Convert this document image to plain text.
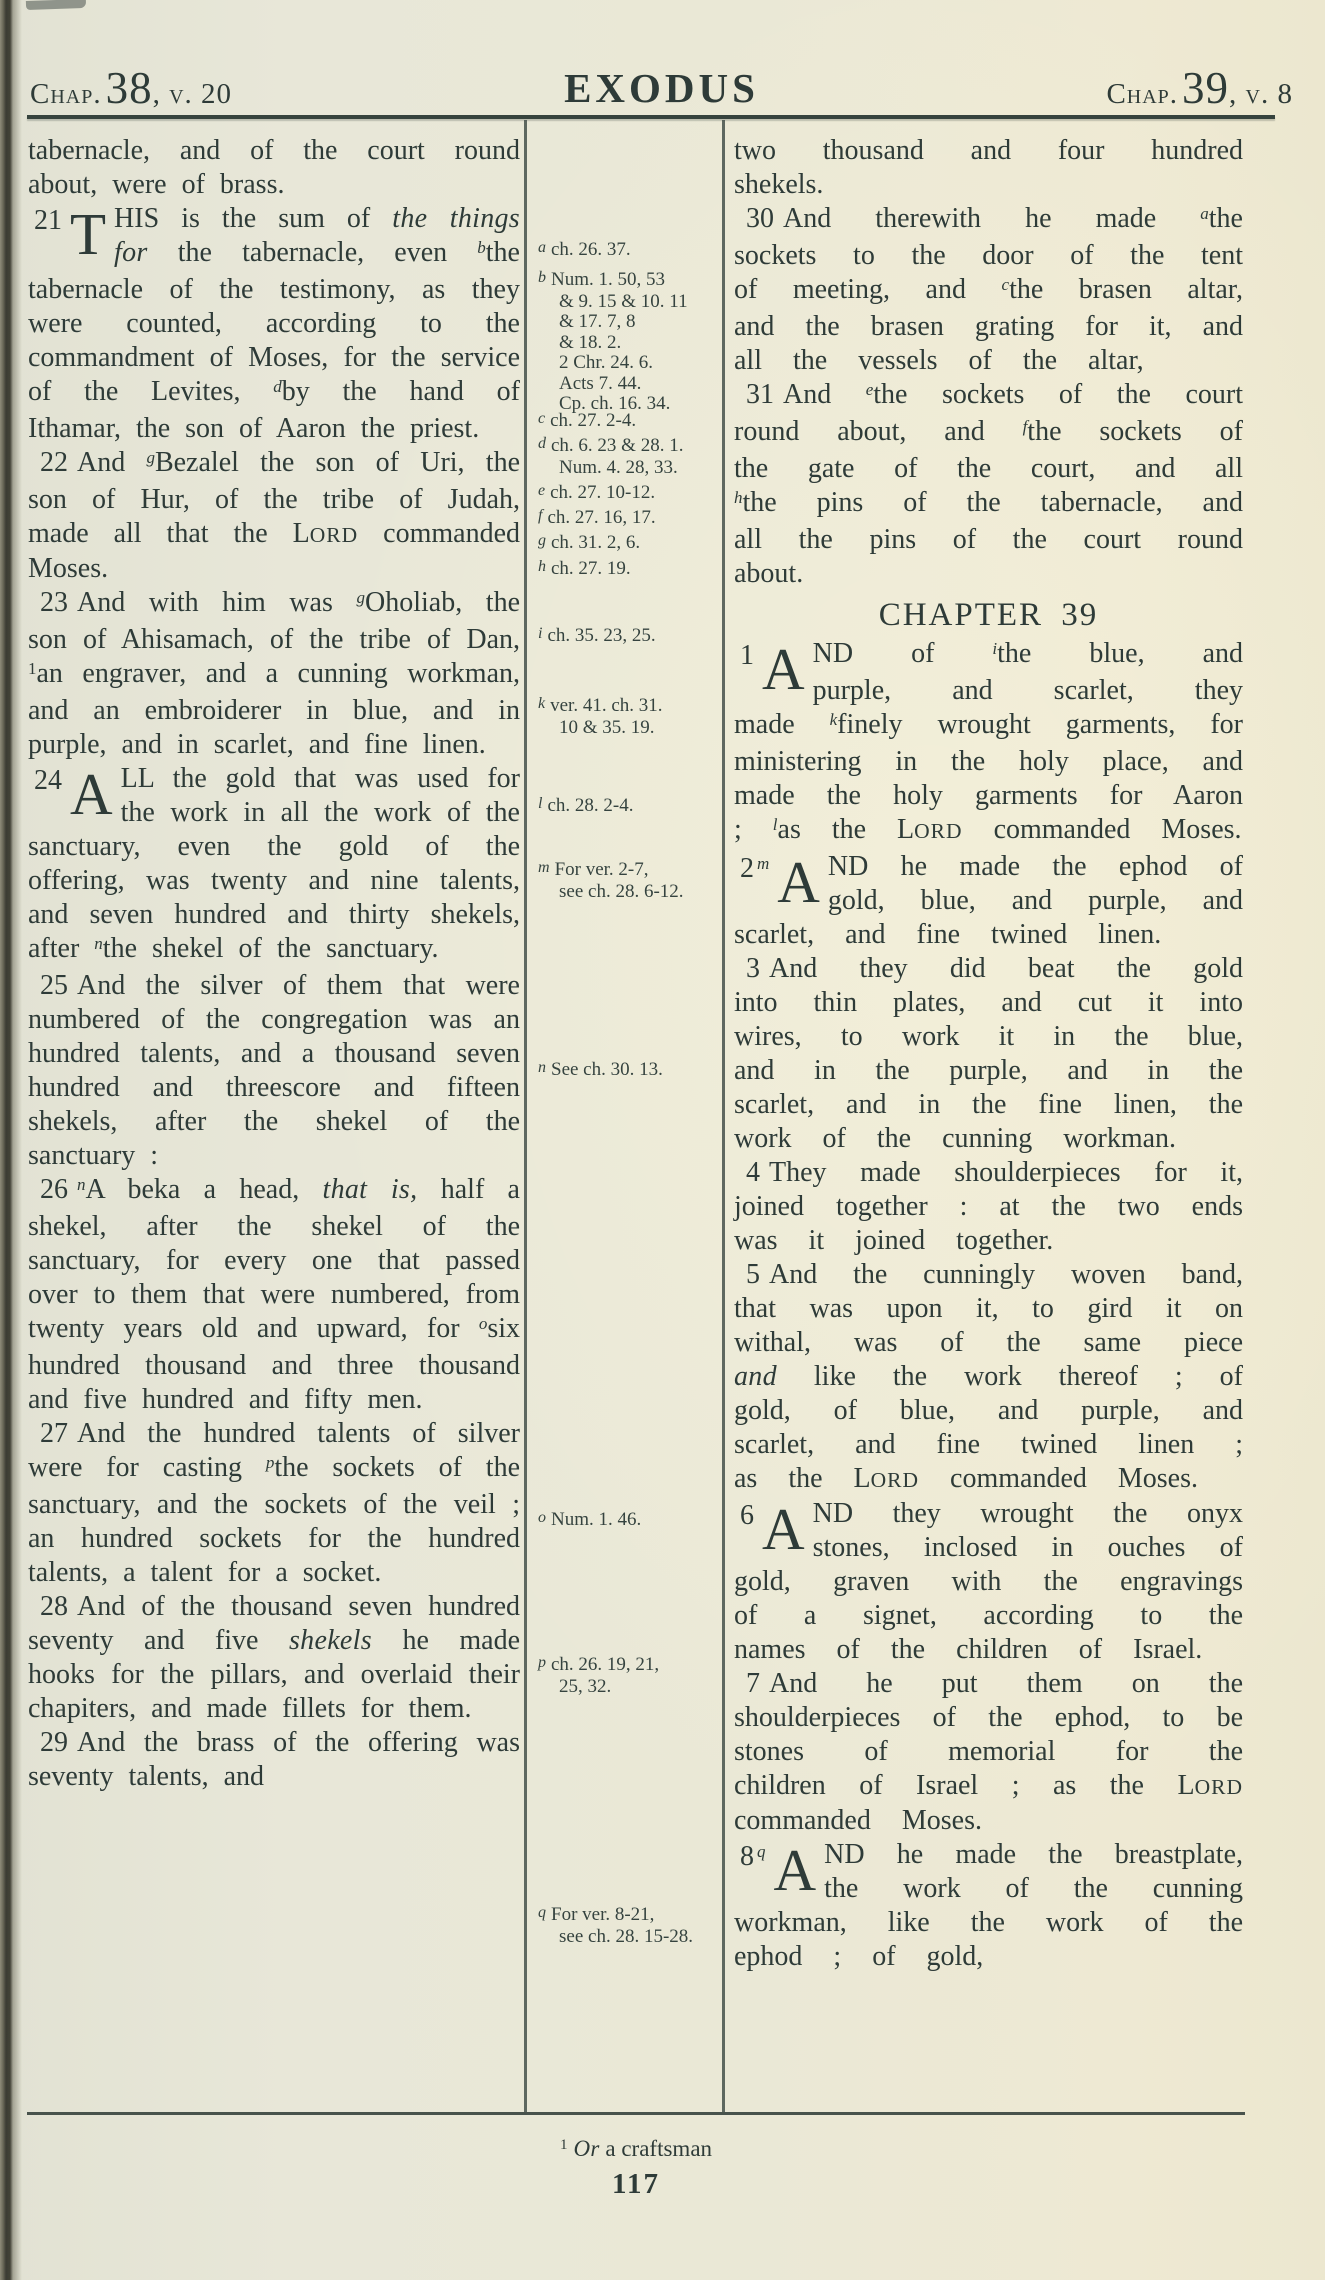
Chap. 38, v. 20	EXODUS	Chap. 39, v. 8

tabernacle, and of the court round about, were of brass.

21 T HIS is the sum of the things for the tabernacle, even $^b$the tabernacle of the testimony, as they were counted, according to the commandment of Moses, for the service of the Levites, $^d$by the hand of Ithamar, the son of Aaron the priest.

22 And $^g$Bezalel the son of Uri, the son of Hur, of the tribe of Judah, made all that the LORD commanded Moses.

23 And with him was $^g$Oholiab, the son of Ahisamach, of the tribe of Dan, $^1$an engraver, and a cunning workman, and an embroiderer in blue, and in purple, and in scarlet, and fine linen.

24 A LL the gold that was used for the work in all the work of the sanctuary, even the gold of the offering, was twenty and nine talents, and seven hundred and thirty shekels, after $^n$the shekel of the sanctuary.

25 And the silver of them that were numbered of the congregation was an hundred talents, and a thousand seven hundred and threescore and fifteen shekels, after the shekel of the sanctuary :

26 $^n$A beka a head, that is, half a shekel, after the shekel of the sanctuary, for every one that passed over to them that were numbered, from twenty years old and upward, for $^o$six hundred thousand and three thousand and five hundred and fifty men.

27 And the hundred talents of silver were for casting $^p$the sockets of the sanctuary, and the sockets of the veil ; an hundred sockets for the hundred talents, a talent for a socket.

28 And of the thousand seven hundred seventy and five shekels he made hooks for the pillars, and overlaid their chapiters, and made fillets for them.

29 And the brass of the offering was seventy talents, and

a ch. 26. 37.
b Num. 1. 50, 53
& 9. 15 & 10. 11
& 17. 7, 8
& 18. 2.
2 Chr. 24. 6.
Acts 7. 44.
Cp. ch. 16. 34.
c ch. 27. 2-4.
d ch. 6. 23 & 28. 1.
Num. 4. 28, 33.
e ch. 27. 10-12.
f ch. 27. 16, 17.
g ch. 31. 2, 6.
h ch. 27. 19.
i ch. 35. 23, 25.
k ver. 41. ch. 31.
10 & 35. 19.
l ch. 28. 2-4.
m For ver. 2-7,
see ch. 28. 6-12.
n See ch. 30. 13.
o Num. 1. 46.
p ch. 26. 19, 21,
25, 32.
q For ver. 8-21,
see ch. 28. 15-28.

two thousand and four hundred shekels.

30 And therewith he made $^a$the sockets to the door of the tent of meeting, and $^c$the brasen altar, and the brasen grating for it, and all the vessels of the altar,

31 And $^e$the sockets of the court round about, and $^f$the sockets of the gate of the court, and all $^h$the pins of the tabernacle, and all the pins of the court round about.

CHAPTER 39

1 A ND of $^i$the blue, and purple, and scarlet, they made $^k$finely wrought garments, for ministering in the holy place, and made the holy garments for Aaron ; $^l$as the LORD commanded Moses.

2 $^m$ A ND he made the ephod of gold, blue, and purple, and scarlet, and fine twined linen.

3 And they did beat the gold into thin plates, and cut it into wires, to work it in the blue, and in the purple, and in the scarlet, and in the fine linen, the work of the cunning workman.

4 They made shoulderpieces for it, joined together : at the two ends was it joined together.

5 And the cunningly woven band, that was upon it, to gird it on withal, was of the same piece and like the work thereof ; of gold, of blue, and purple, and scarlet, and fine twined linen ; as the LORD commanded Moses.

6 A ND they wrought the onyx stones, inclosed in ouches of gold, graven with the engravings of a signet, according to the names of the children of Israel.

7 And he put them on the shoulderpieces of the ephod, to be stones of memorial for the children of Israel ; as the LORD commanded Moses.

8 $^q$ A ND he made the breastplate, the work of the cunning workman, like the work of the ephod ; of gold,

$^1$ Or a craftsman
117
